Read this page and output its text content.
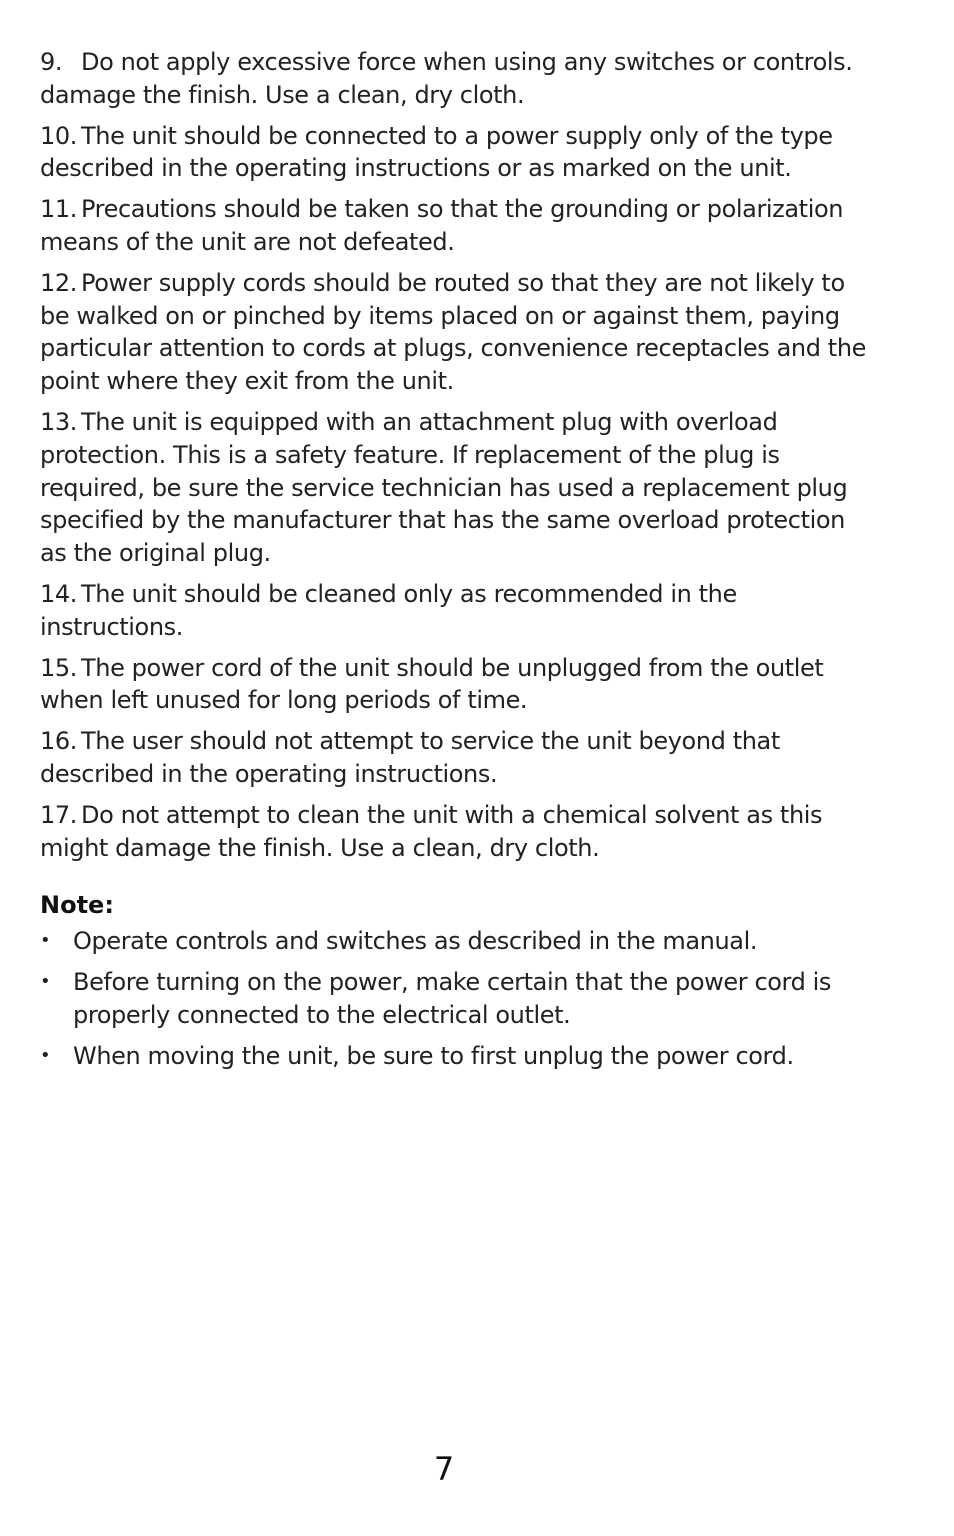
9. Do not apply excessive force when using any switches or controls. damage the finish. Use a clean, dry cloth.
10. The unit should be connected to a power supply only of the type described in the operating instructions or as marked on the unit.
11. Precautions should be taken so that the grounding or polarization means of the unit are not defeated.
12. Power supply cords should be routed so that they are not likely to be walked on or pinched by items placed on or against them, paying particular attention to cords at plugs, convenience receptacles and the point where they exit from the unit.
13. The unit is equipped with an attachment plug with overload protection. This is a safety feature. If replacement of the plug is required, be sure the service technician has used a replacement plug specified by the manufacturer that has the same overload protection as the original plug.
14. The unit should be cleaned only as recommended in the instructions.
15. The power cord of the unit should be unplugged from the outlet when left unused for long periods of time.
16. The user should not attempt to service the unit beyond that described in the operating instructions.
17. Do not attempt to clean the unit with a chemical solvent as this might damage the finish. Use a clean, dry cloth.
Note:
• Operate controls and switches as described in the manual.
• Before turning on the power, make certain that the power cord is properly connected to the electrical outlet.
• When moving the unit, be sure to first unplug the power cord.
7
